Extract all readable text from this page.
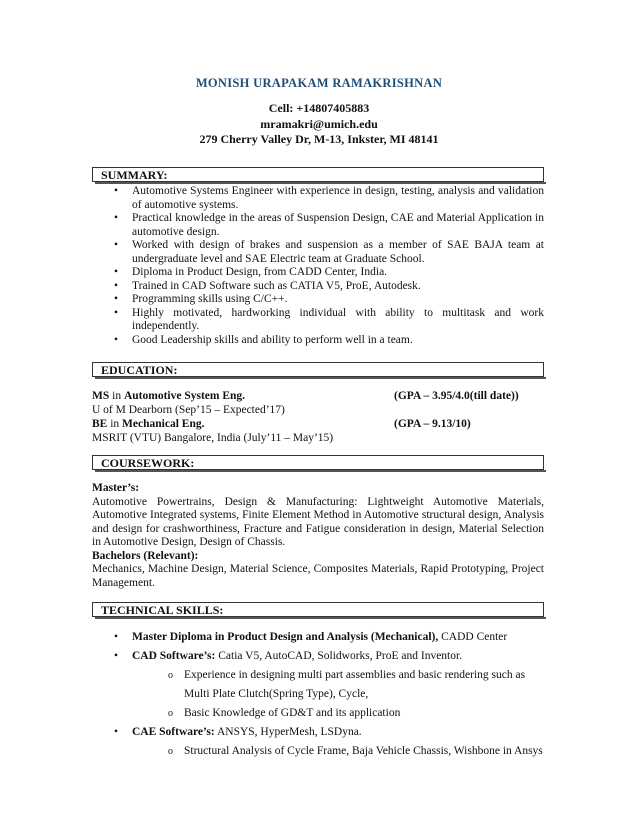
MONISH URAPAKAM RAMAKRISHNAN
Cell: +14807405883
mramakri@umich.edu
279 Cherry Valley Dr, M-13, Inkster, MI 48141
SUMMARY:
• Automotive Systems Engineer with experience in design, testing, analysis and validation of automotive systems.
• Practical knowledge in the areas of Suspension Design, CAE and Material Application in automotive design.
• Worked with design of brakes and suspension as a member of SAE BAJA team at undergraduate level and SAE Electric team at Graduate School.
• Diploma in Product Design, from CADD Center, India.
• Trained in CAD Software such as CATIA V5, ProE, Autodesk.
• Programming skills using C/C++.
• Highly motivated, hardworking individual with ability to multitask and work independently.
• Good Leadership skills and ability to perform well in a team.
EDUCATION:
MS in Automotive System Eng.	(GPA – 3.95/4.0(till date))
U of M Dearborn (Sep’15 – Expected’17)
BE in Mechanical Eng.	(GPA – 9.13/10)
MSRIT (VTU) Bangalore, India (July’11 – May’15)
COURSEWORK:
Master’s:
Automotive Powertrains, Design & Manufacturing: Lightweight Automotive Materials, Automotive Integrated systems, Finite Element Method in Automotive structural design, Analysis and design for crashworthiness, Fracture and Fatigue consideration in design, Material Selection in Automotive Design, Design of Chassis.
Bachelors (Relevant):
Mechanics, Machine Design, Material Science, Composites Materials, Rapid Prototyping, Project Management.
TECHNICAL SKILLS:
• Master Diploma in Product Design and Analysis (Mechanical), CADD Center
• CAD Software’s: Catia V5, AutoCAD, Solidworks, ProE and Inventor.
o Experience in designing multi part assemblies and basic rendering such as Multi Plate Clutch(Spring Type), Cycle,
o Basic Knowledge of GD&T and its application
• CAE Software’s: ANSYS, HyperMesh, LSDyna.
o Structural Analysis of Cycle Frame, Baja Vehicle Chassis, Wishbone in Ansys
